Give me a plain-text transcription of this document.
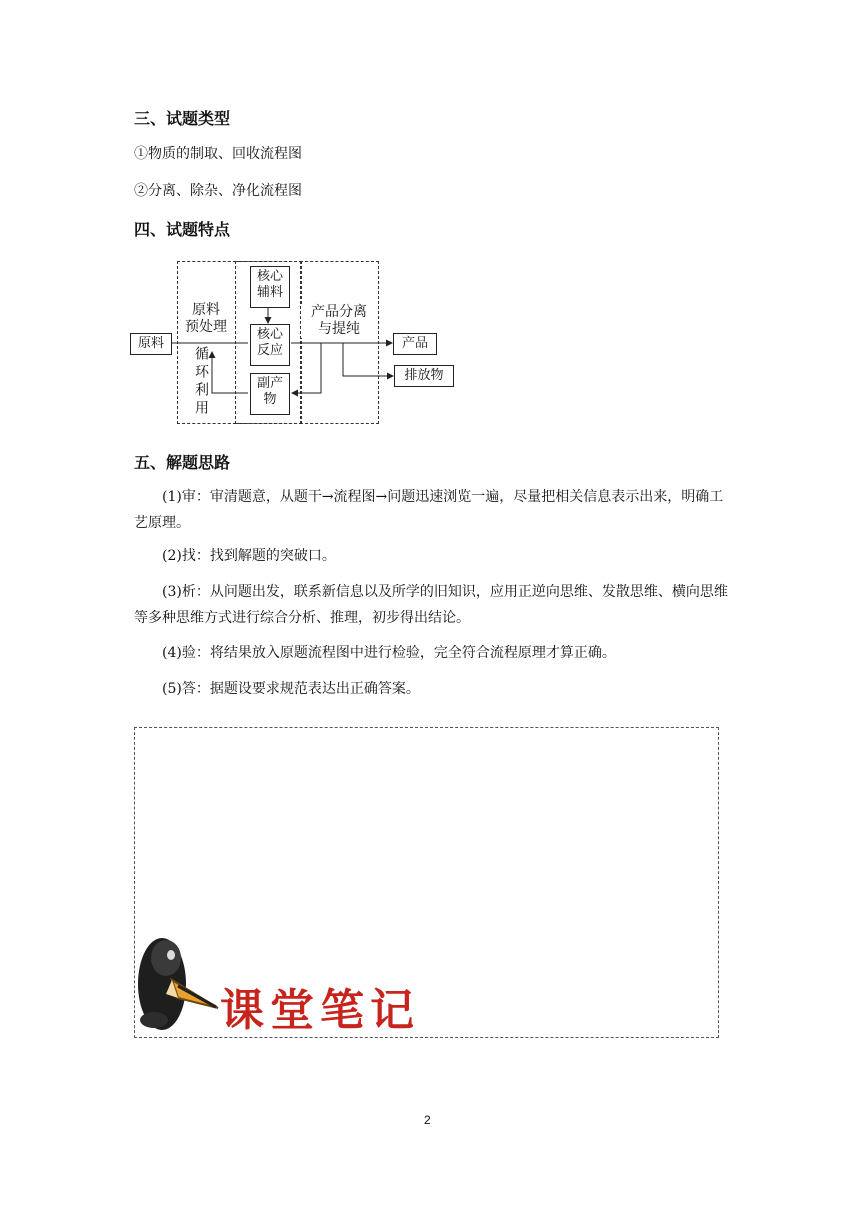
三、试题类型
①物质的制取、回收流程图
②分离、除杂、净化流程图
四、试题特点
原料
原料
预处理
循环利用
核心
辅料
核心
反应
副产
物
产品分离
与提纯
产品
排放物
五、解题思路
(1)审：审清题意，从题干→流程图→问题迅速浏览一遍，尽量把相关信息表示出来，明确工艺原理。
(2)找：找到解题的突破口。
(3)析：从问题出发，联系新信息以及所学的旧知识，应用正逆向思维、发散思维、横向思维等多种思维方式进行综合分析、推理，初步得出结论。
(4)验：将结果放入原题流程图中进行检验，完全符合流程原理才算正确。
(5)答：据题设要求规范表达出正确答案。
课堂笔记
2
